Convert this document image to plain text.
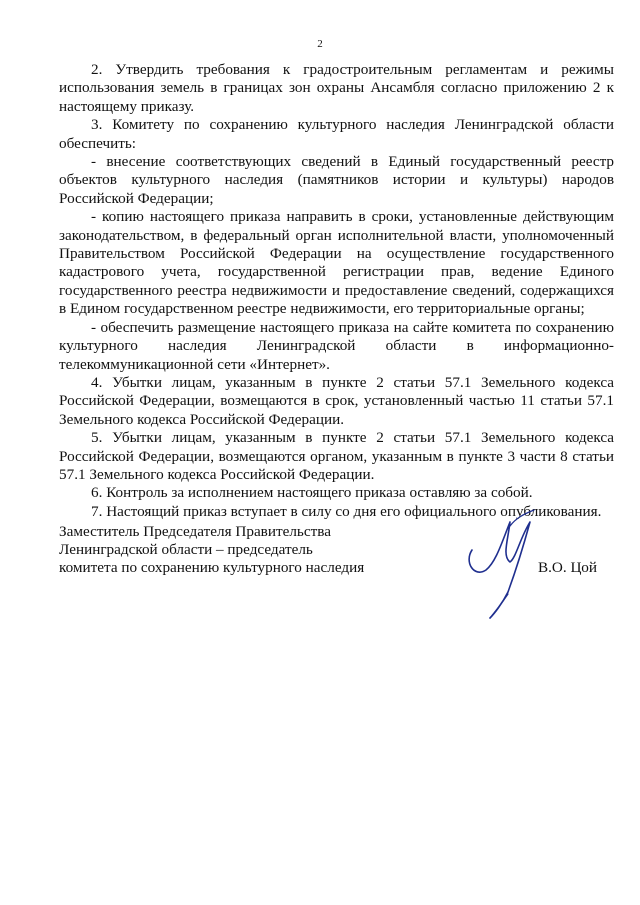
2

2. Утвердить требования к градостроительным регламентам и режимы использования земель в границах зон охраны Ансамбля согласно приложению 2 к настоящему приказу.

3. Комитету по сохранению культурного наследия Ленинградской области обеспечить:

- внесение соответствующих сведений в Единый государственный реестр объектов культурного наследия (памятников истории и культуры) народов Российской Федерации;

- копию настоящего приказа направить в сроки, установленные действующим законодательством, в федеральный орган исполнительной власти, уполномоченный Правительством Российской Федерации на осуществление государственного кадастрового учета, государственной регистрации прав, ведение Единого государственного реестра недвижимости и предоставление сведений, содержащихся в Едином государственном реестре недвижимости, его территориальные органы;

- обеспечить размещение настоящего приказа на сайте комитета по сохранению культурного наследия Ленинградской области в информационно-телекоммуникационной сети «Интернет».

4. Убытки лицам, указанным в пункте 2 статьи 57.1 Земельного кодекса Российской Федерации, возмещаются в срок, установленный частью 11 статьи 57.1 Земельного кодекса Российской Федерации.

5. Убытки лицам, указанным в пункте 2 статьи 57.1 Земельного кодекса Российской Федерации, возмещаются органом, указанным в пункте 3 части 8 статьи 57.1 Земельного кодекса Российской Федерации.

6. Контроль за исполнением настоящего приказа оставляю за собой.

7. Настоящий приказ вступает в силу со дня его официального опубликования.

Заместитель Председателя Правительства
Ленинградской области – председатель
комитета по сохранению культурного наследия	В.О. Цой
